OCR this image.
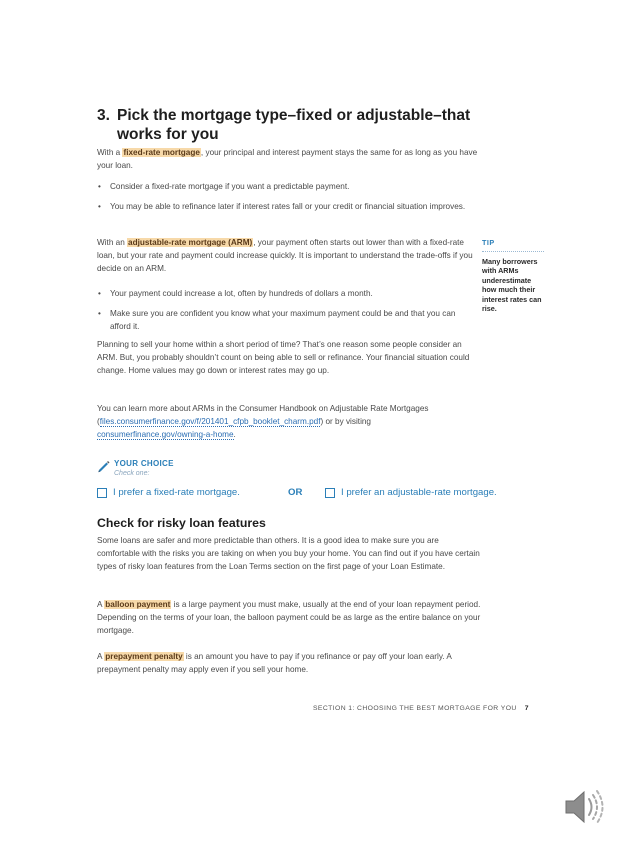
3. Pick the mortgage type–fixed or adjustable–that
works for you
With a fixed-rate mortgage, your principal and interest payment stays the same for as long as you have your loan.
• Consider a fixed-rate mortgage if you want a predictable payment.
• You may be able to refinance later if interest rates fall or your credit or financial situation improves.
With an adjustable-rate mortgage (ARM), your payment often starts out lower than with a fixed-rate loan, but your rate and payment could increase quickly. It is important to understand the trade-offs if you decide on an ARM.
• Your payment could increase a lot, often by hundreds of dollars a month.
• Make sure you are confident you know what your maximum payment could be and that you can afford it.
Planning to sell your home within a short period of time? That’s one reason some people consider an ARM. But, you probably shouldn’t count on being able to sell or refinance. Your financial situation could change. Home values may go down or interest rates may go up.
You can learn more about ARMs in the Consumer Handbook on Adjustable Rate Mortgages (files.consumerfinance.gov/f/201401_cfpb_booklet_charm.pdf) or by visiting consumerfinance.gov/owning-a-home.
TIP
Many borrowers with ARMs underestimate how much their interest rates can rise.
YOUR CHOICE
Check one:
I prefer a fixed-rate mortgage.	OR	I prefer an adjustable-rate mortgage.
Check for risky loan features
Some loans are safer and more predictable than others. It is a good idea to make sure you are comfortable with the risks you are taking on when you buy your home. You can find out if you have certain types of risky loan features from the Loan Terms section on the first page of your Loan Estimate.
A balloon payment is a large payment you must make, usually at the end of your loan repayment period. Depending on the terms of your loan, the balloon payment could be as large as the entire balance on your mortgage.
A prepayment penalty is an amount you have to pay if you refinance or pay off your loan early. A prepayment penalty may apply even if you sell your home.
SECTION 1: CHOOSING THE BEST MORTGAGE FOR YOU 7
